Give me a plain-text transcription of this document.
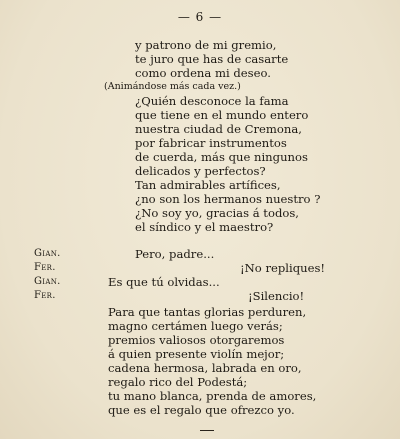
— 6 —
y patrono de mi gremio,
te juro que has de casarte
como ordena mi deseo.
(Animándose más cada vez.)
¿Quién desconoce la fama
que tiene en el mundo entero
nuestra ciudad de Cremona,
por fabricar instrumentos
de cuerda, más que ningunos
delicados y perfectos?
Tan admirables artífices,
¿no son los hermanos nuestro ?
¿No soy yo, gracias á todos,
el síndico y el maestro?
Gian.	Pero, padre...
Fer.	¡No repliques!
Gian.	Es que tú olvidas...
Fer.	¡Silencio!
Para que tantas glorias perduren,
magno certámen luego verás;
premios valiosos otorgaremos
á quien presente violín mejor;
cadena hermosa, labrada en oro,
regalo rico del Podestá;
tu mano blanca, prenda de amores,
que es el regalo que ofrezco yo.
